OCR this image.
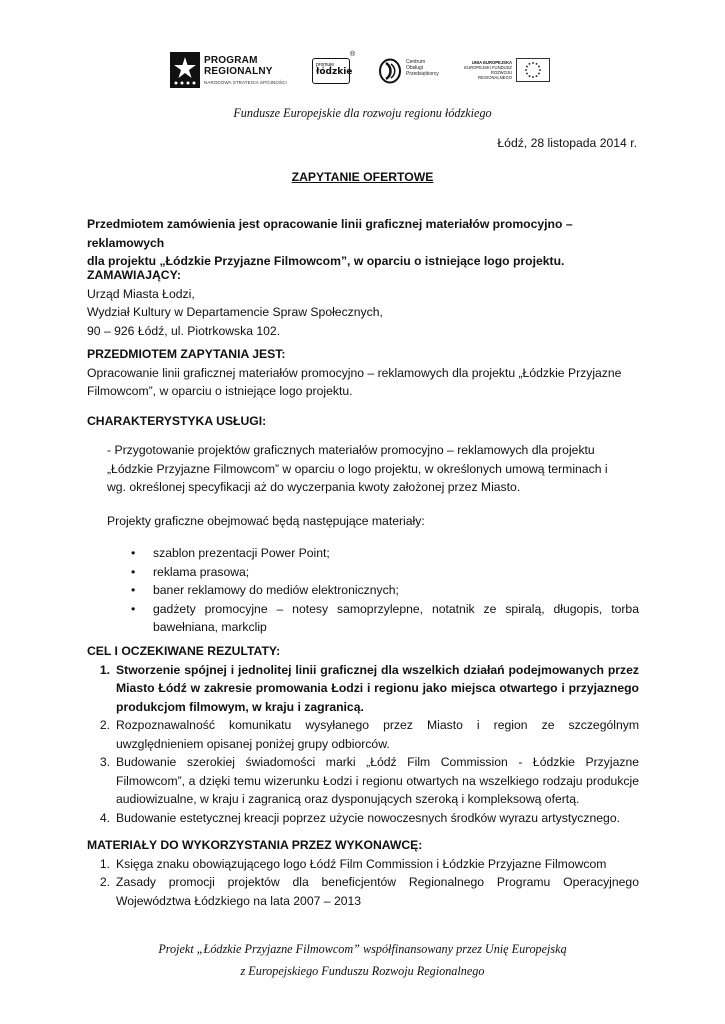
PROGRAM
REGIONALNY
NARODOWA STRATEGIA SPÓJNOŚCI
promuje
łódzkie
®
Centrum
Obsługi
Przedsiębiorcy
UNIA EUROPEJSKA
EUROPEJSKI FUNDUSZ
ROZWOJU REGIONALNEGO
Fundusze Europejskie dla rozwoju regionu łódzkiego
Łódź, 28 listopada 2014 r.
ZAPYTANIE OFERTOWE
Przedmiotem zamówienia jest opracowanie linii graficznej materiałów promocyjno – reklamowych
dla projektu „Łódzkie Przyjazne Filmowcom”, w oparciu o istniejące logo projektu.
ZAMAWIAJĄCY:
Urząd Miasta Łodzi,
Wydział Kultury w Departamencie Spraw Społecznych,
90 – 926 Łódź, ul. Piotrkowska 102.
PRZEDMIOTEM ZAPYTANIA JEST:
Opracowanie linii graficznej materiałów promocyjno – reklamowych dla projektu „Łódzkie Przyjazne
Filmowcom”, w oparciu o istniejące logo projektu.
CHARAKTERYSTYKA USŁUGI:
- Przygotowanie projektów graficznych materiałów promocyjno – reklamowych dla projektu
„Łódzkie Przyjazne Filmowcom” w oparciu o logo projektu, w określonych umową terminach i
wg. określonej specyfikacji aż do wyczerpania kwoty założonej przez Miasto.
Projekty graficzne obejmować będą następujące materiały:
• szablon prezentacji Power Point;
• reklama prasowa;
• baner reklamowy do mediów elektronicznych;
• gadżety promocyjne – notesy samoprzylepne, notatnik ze spiralą, długopis, torba bawełniana, markclip
CEL I OCZEKIWANE REZULTATY:
1. Stworzenie spójnej i jednolitej linii graficznej dla wszelkich działań podejmowanych przez Miasto Łódź w zakresie promowania Łodzi i regionu jako miejsca otwartego i przyjaznego produkcjom filmowym, w kraju i zagranicą.
2. Rozpoznawalność komunikatu wysyłanego przez Miasto i region ze szczególnym uwzględnieniem opisanej poniżej grupy odbiorców.
3. Budowanie szerokiej świadomości marki „Łódź Film Commission - Łódzkie Przyjazne Filmowcom”, a dzięki temu wizerunku Łodzi i regionu otwartych na wszelkiego rodzaju produkcje audiowizualne, w kraju i zagranicą oraz dysponujących szeroką i kompleksową ofertą.
4. Budowanie estetycznej kreacji poprzez użycie nowoczesnych środków wyrazu artystycznego.
MATERIAŁY DO WYKORZYSTANIA PRZEZ WYKONAWCĘ:
1. Księga znaku obowiązującego logo Łódź Film Commission i Łódzkie Przyjazne Filmowcom
2. Zasady promocji projektów dla beneficjentów Regionalnego Programu Operacyjnego Województwa Łódzkiego na lata 2007 – 2013
Projekt „Łódzkie Przyjazne Filmowcom” współfinansowany przez Unię Europejską
z Europejskiego Funduszu Rozwoju Regionalnego
